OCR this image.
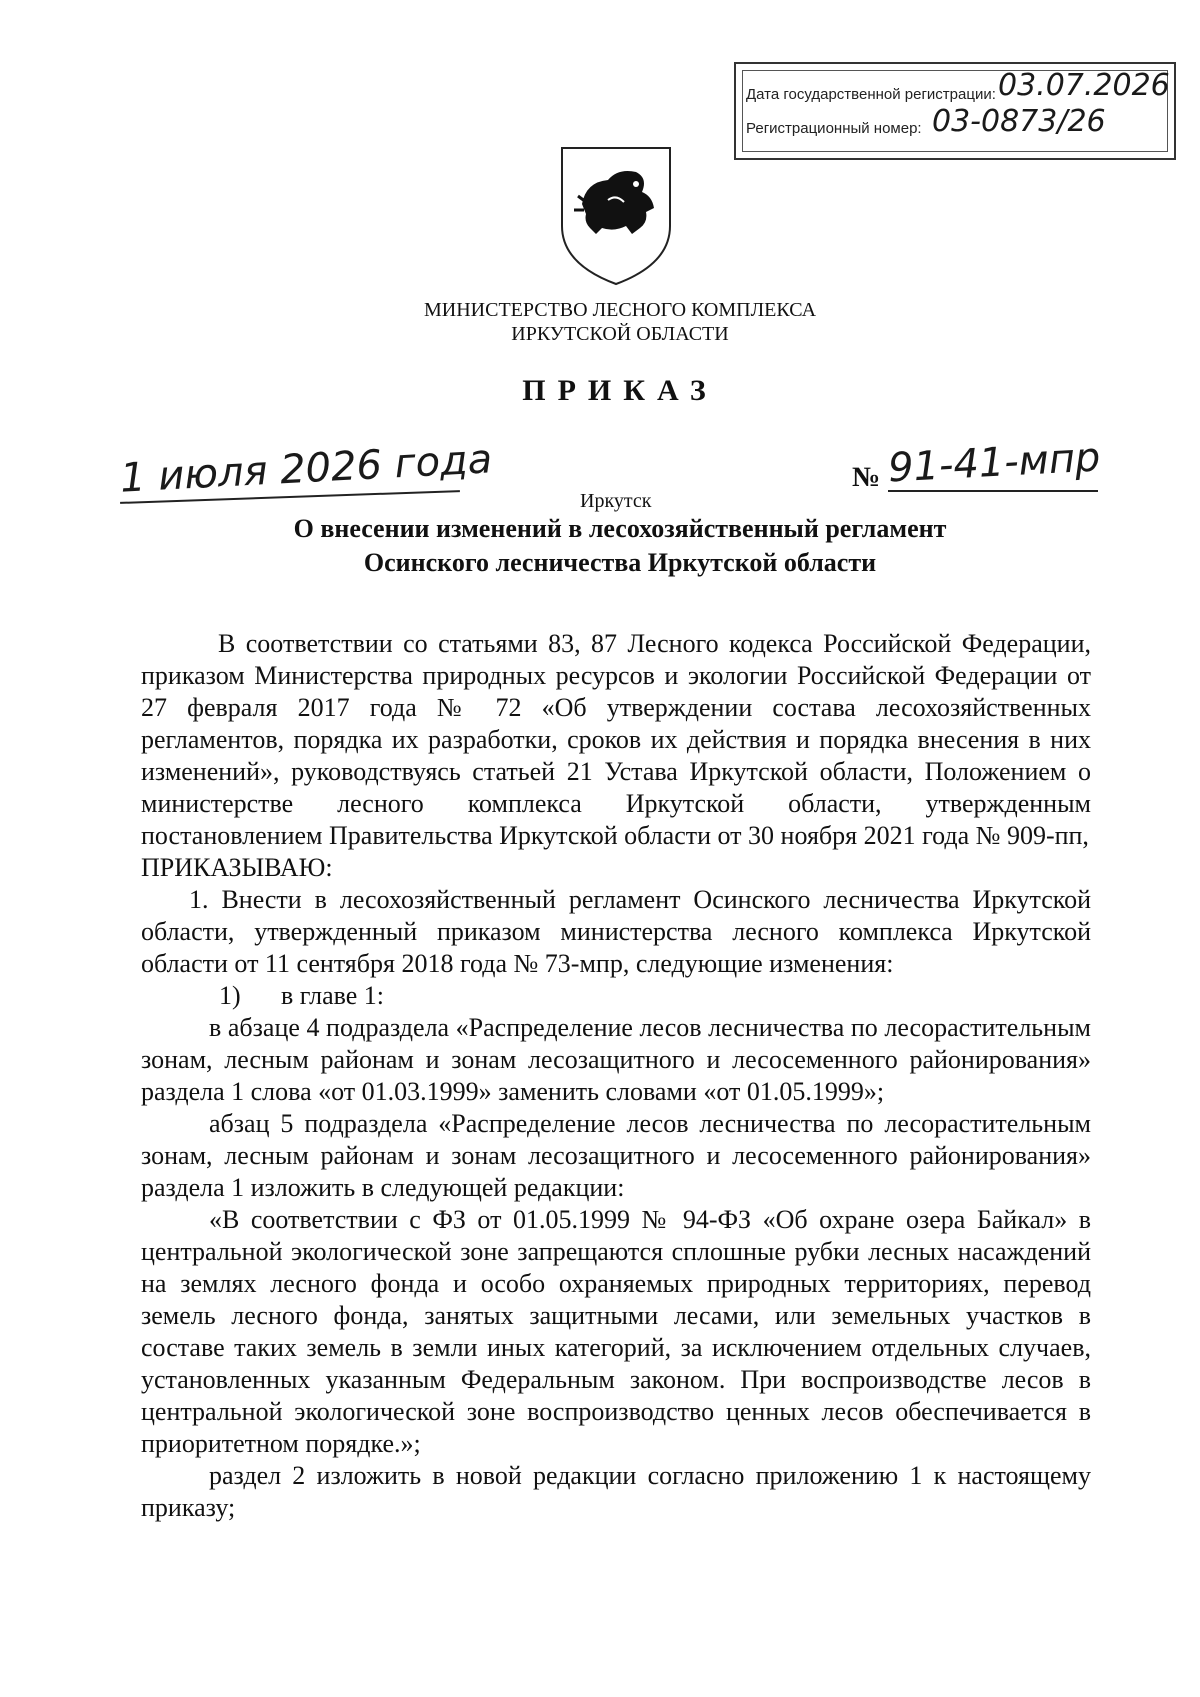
Дата государственной регистрации: 03.07.2026
Регистрационный номер: 03-0873/26
МИНИСТЕРСТВО ЛЕСНОГО КОМПЛЕКСА
ИРКУТСКОЙ ОБЛАСТИ
ПРИКАЗ
1 июля 2026 года	Иркутск
№ 91-41-мпр
О внесении изменений в лесохозяйственный регламент
Осинского лесничества Иркутской области

В соответствии со статьями 83, 87 Лесного кодекса Российской Федерации, приказом Министерства природных ресурсов и экологии Российской Федерации от 27 февраля 2017 года № 72 «Об утверждении состава лесохозяйственных регламентов, порядка их разработки, сроков их действия и порядка внесения в них изменений», руководствуясь статьей 21 Устава Иркутской области, Положением о министерстве лесного комплекса Иркутской области, утвержденным постановлением Правительства Иркутской области от 30 ноября 2021 года № 909-пп,

ПРИКАЗЫВАЮ:

1. Внести в лесохозяйственный регламент Осинского лесничества Иркутской области, утвержденный приказом министерства лесного комплекса Иркутской области от 11 сентября 2018 года № 73-мпр, следующие изменения:

1) в главе 1:

в абзаце 4 подраздела «Распределение лесов лесничества по лесорастительным зонам, лесным районам и зонам лесозащитного и лесосеменного районирования» раздела 1 слова «от 01.03.1999» заменить словами «от 01.05.1999»;

абзац 5 подраздела «Распределение лесов лесничества по лесорастительным зонам, лесным районам и зонам лесозащитного и лесосеменного районирования» раздела 1 изложить в следующей редакции:

«В соответствии с ФЗ от 01.05.1999 № 94-ФЗ «Об охране озера Байкал» в центральной экологической зоне запрещаются сплошные рубки лесных насаждений на землях лесного фонда и особо охраняемых природных территориях, перевод земель лесного фонда, занятых защитными лесами, или земельных участков в составе таких земель в земли иных категорий, за исключением отдельных случаев, установленных указанным Федеральным законом. При воспроизводстве лесов в центральной экологической зоне воспроизводство ценных лесов обеспечивается в приоритетном порядке.»;

раздел 2 изложить в новой редакции согласно приложению 1 к настоящему приказу;
